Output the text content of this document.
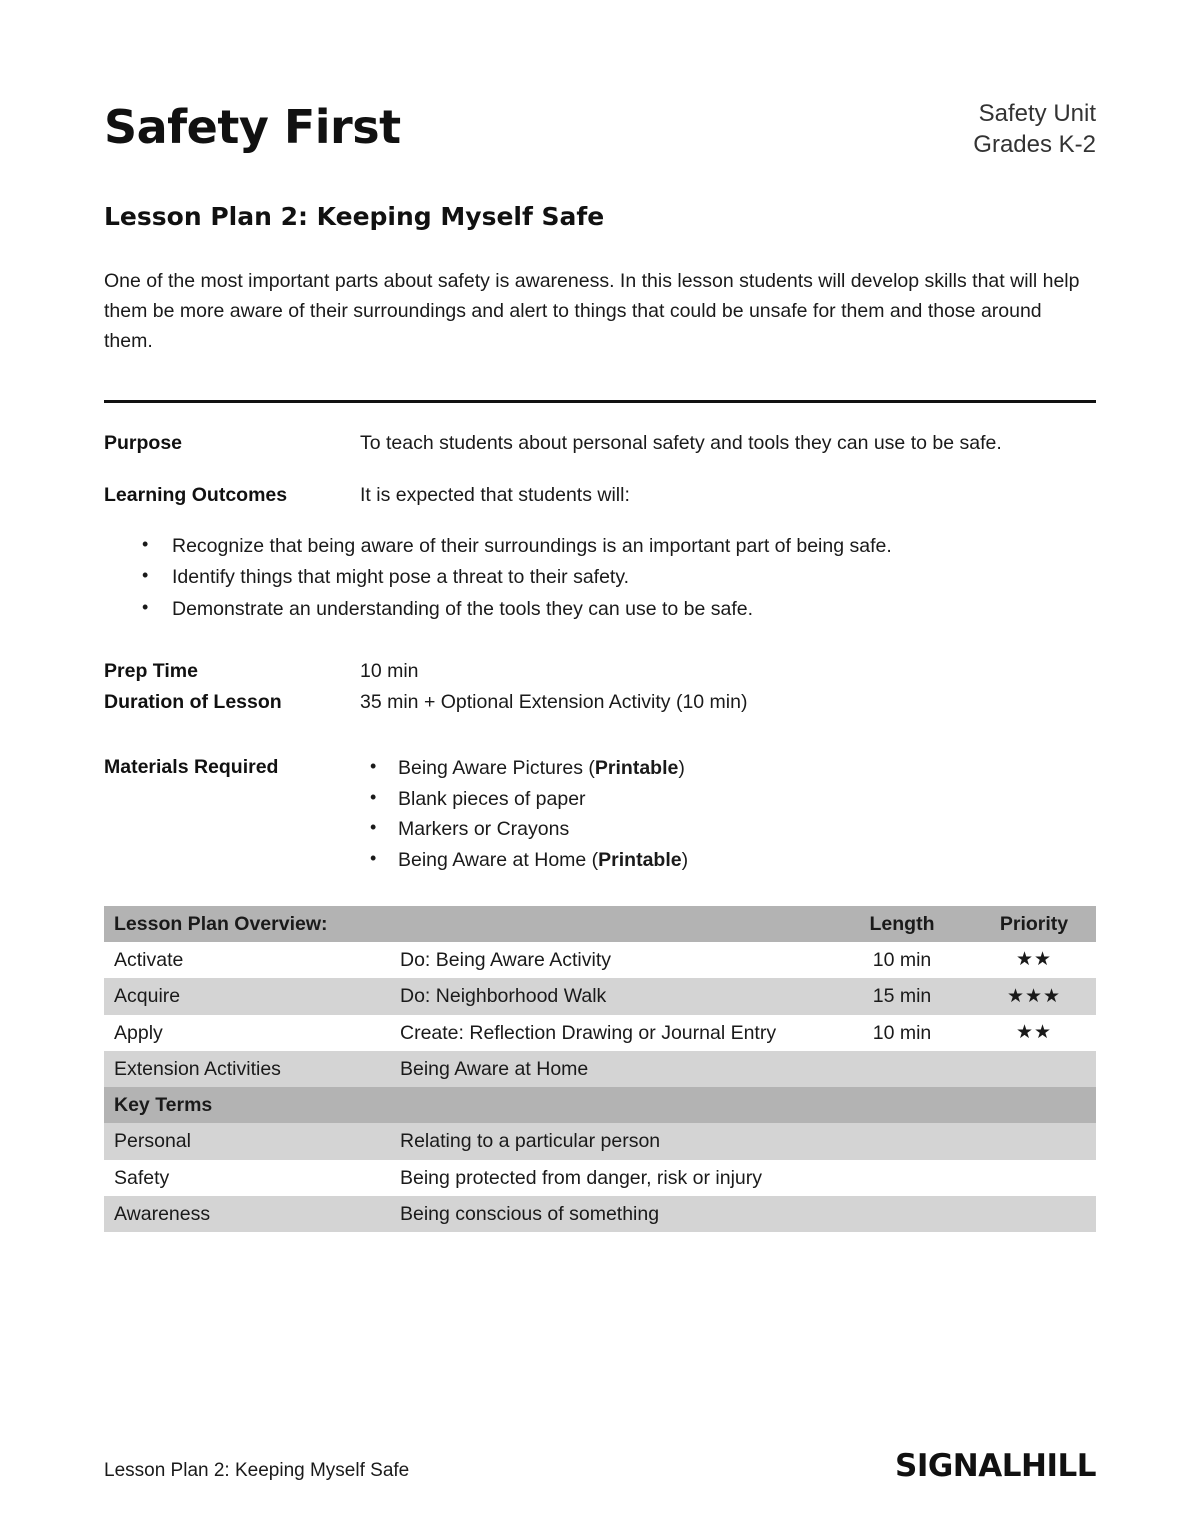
Safety First	Safety Unit
Grades K-2
Lesson Plan 2: Keeping Myself Safe

One of the most important parts about safety is awareness. In this lesson students will develop skills that will help them be more aware of their surroundings and alert to things that could be unsafe for them and those around them.

Purpose	To teach students about personal safety and tools they can use to be safe.
Learning Outcomes	It is expected that students will:
• Recognize that being aware of their surroundings is an important part of being safe.
• Identify things that might pose a threat to their safety.
• Demonstrate an understanding of the tools they can use to be safe.
Prep Time	10 min
Duration of Lesson	35 min + Optional Extension Activity (10 min)
Materials Required	• Being Aware Pictures (Printable)
• Blank pieces of paper
• Markers or Crayons
• Being Aware at Home (Printable)
Lesson Plan Overview:		Length	Priority
Activate	Do: Being Aware Activity	10 min	★★
Acquire	Do: Neighborhood Walk	15 min	★★★
Apply	Create: Reflection Drawing or Journal Entry	10 min	★★
Extension Activities	Being Aware at Home		
Key Terms			
Personal	Relating to a particular person		
Safety	Being protected from danger, risk or injury		
Awareness	Being conscious of something		
Lesson Plan 2: Keeping Myself Safe	SIGNALHILL
